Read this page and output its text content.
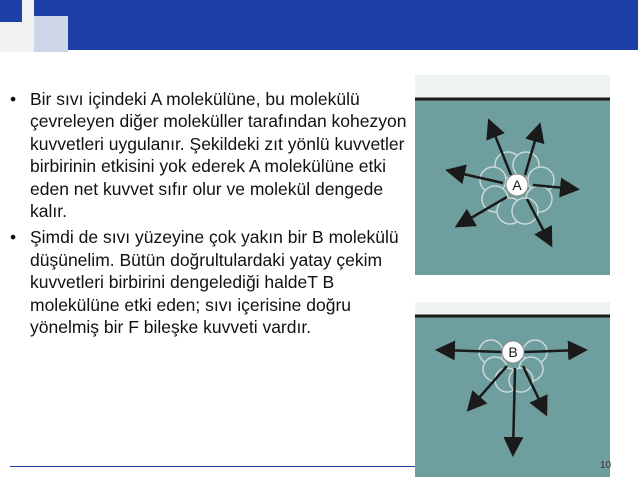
• Bir sıvı içindeki A molekülüne, bu molekülü çevreleyen diğer moleküller tarafından kohezyon kuvvetleri uygulanır. Şekildeki zıt yönlü kuvvetler birbirinin etkisini yok ederek A molekülüne etki eden net kuvvet sıfır olur ve molekül dengede kalır.
• Şimdi de sıvı yüzeyine çok yakın bir B molekülü düşünelim. Bütün doğrultulardaki yatay çekim kuvvetleri birbirini dengelediği haldeT B molekülüne etki eden; sıvı içerisine doğru yönelmiş bir F bileşke kuvveti vardır.
A
B
10
